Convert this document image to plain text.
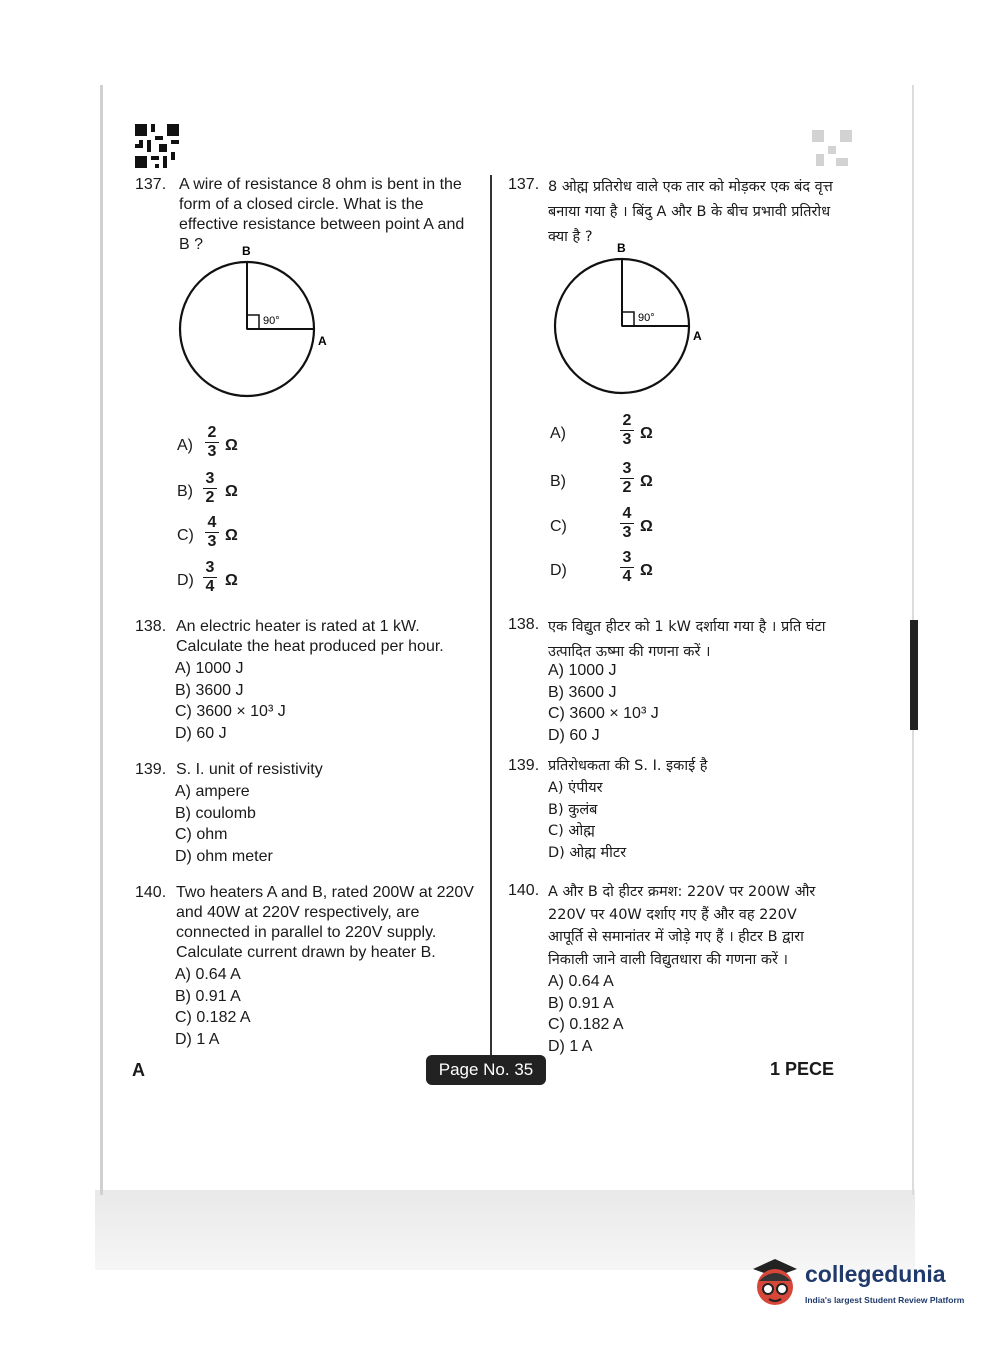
137. A wire of resistance 8 ohm is bent in the form of a closed circle. What is the effective resistance between point A and B ?	B
A
90°
$A) \frac{2}{3}$ Ω
$B) \frac{3}{2}$ Ω
$C) \frac{4}{3}$ Ω
$D) \frac{3}{4}$ Ω
138. An electric heater is rated at 1 kW. Calculate the heat produced per hour.
A) 1000 J
B) 3600 J
C) 3600 × 10³ J
D) 60 J
139. S. I. unit of resistivity
A) ampere
B) coulomb
C) ohm
D) ohm meter
140. Two heaters A and B, rated 200W at 220V and 40W at 220V respectively, are connected in parallel to 220V supply. Calculate current drawn by heater B.
A) 0.64 A
B) 0.91 A
C) 0.182 A
D) 1 A
137. 8 ओह्म प्रतिरोध वाले एक तार को मोड़कर एक बंद वृत्त बनाया गया है । बिंदु A और B के बीच प्रभावी प्रतिरोध क्या है ?
B
A
90°
A)	$\frac{2}{3}$ Ω
B)	$\frac{3}{2}$ Ω
C)	$\frac{4}{3}$ Ω
D)	$\frac{3}{4}$ Ω
138. एक विद्युत हीटर को 1 kW दर्शाया गया है । प्रति घंटा उत्पादित ऊष्मा की गणना करें ।
A) 1000 J
B) 3600 J
C) 3600 × 10³ J
D) 60 J
139. प्रतिरोधकता की S. I. इकाई है
A) एंपीयर
B) कुलंब
C) ओह्म
D) ओह्म मीटर
140. A और B दो हीटर क्रमश: 220V पर 200W और 220V पर 40W दर्शाए गए हैं और वह 220V आपूर्ति से समानांतर में जोड़े गए हैं । हीटर B द्वारा निकाली जाने वाली विद्युतधारा की गणना करें ।
A) 0.64 A
B) 0.91 A
C) 0.182 A
D) 1 A
A	Page No. 35	1 PECE
collegedunia
India's largest Student Review Platform
